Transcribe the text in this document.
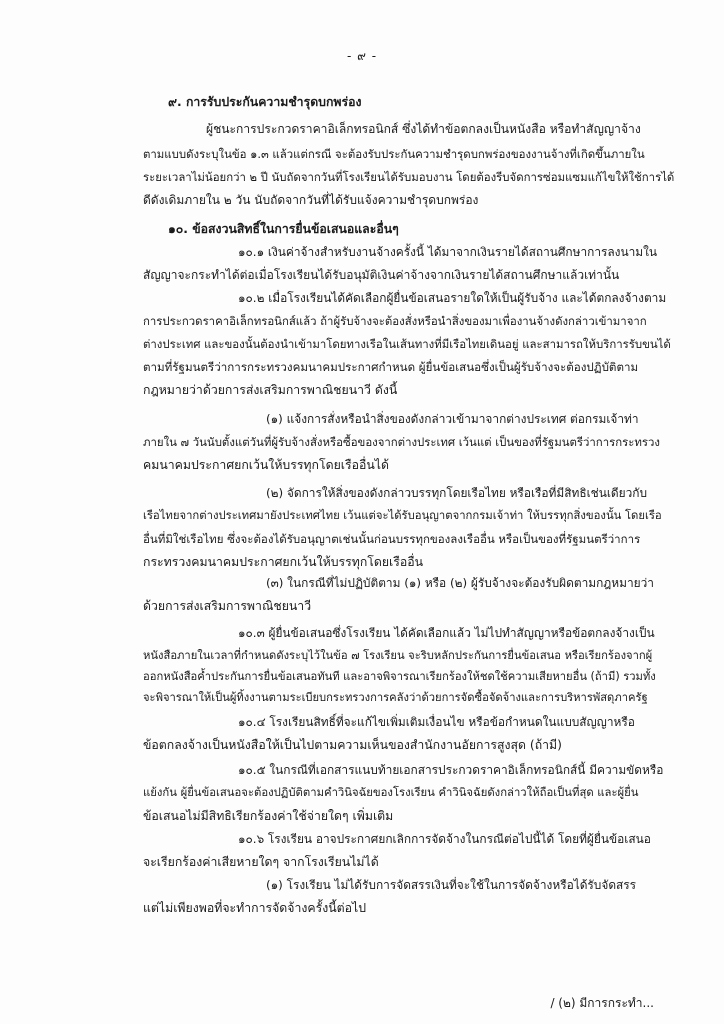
- ๙ -
๙. การรับประกันความชำรุดบกพร่อง
ผู้ชนะการประกวดราคาอิเล็กทรอนิกส์ ซึ่งได้ทำข้อตกลงเป็นหนังสือ หรือทำสัญญาจ้าง
ตามแบบดังระบุในข้อ ๑.๓ แล้วแต่กรณี จะต้องรับประกันความชำรุดบกพร่องของงานจ้างที่เกิดขึ้นภายใน
ระยะเวลาไม่น้อยกว่า ๒ ปี นับถัดจากวันที่โรงเรียนได้รับมอบงาน โดยต้องรีบจัดการซ่อมแซมแก้ไขให้ใช้การได้
ดีดังเดิมภายใน ๒ วัน นับถัดจากวันที่ได้รับแจ้งความชำรุดบกพร่อง
๑๐. ข้อสงวนสิทธิ์ในการยื่นข้อเสนอและอื่นๆ
๑๐.๑ เงินค่าจ้างสำหรับงานจ้างครั้งนี้ ได้มาจากเงินรายได้สถานศึกษาการลงนามใน
สัญญาจะกระทำได้ต่อเมื่อโรงเรียนได้รับอนุมัติเงินค่าจ้างจากเงินรายได้สถานศึกษาแล้วเท่านั้น
๑๐.๒ เมื่อโรงเรียนได้คัดเลือกผู้ยื่นข้อเสนอรายใดให้เป็นผู้รับจ้าง และได้ตกลงจ้างตาม
การประกวดราคาอิเล็กทรอนิกส์แล้ว ถ้าผู้รับจ้างจะต้องสั่งหรือนำสิ่งของมาเพื่องานจ้างดังกล่าวเข้ามาจาก
ต่างประเทศ และของนั้นต้องนำเข้ามาโดยทางเรือในเส้นทางที่มีเรือไทยเดินอยู่ และสามารถให้บริการรับขนได้
ตามที่รัฐมนตรีว่าการกระทรวงคมนาคมประกาศกำหนด ผู้ยื่นข้อเสนอซึ่งเป็นผู้รับจ้างจะต้องปฏิบัติตาม
กฎหมายว่าด้วยการส่งเสริมการพาณิชยนาวี ดังนี้
(๑) แจ้งการสั่งหรือนำสิ่งของดังกล่าวเข้ามาจากต่างประเทศ ต่อกรมเจ้าท่า
ภายใน ๗ วันนับตั้งแต่วันที่ผู้รับจ้างสั่งหรือซื้อของจากต่างประเทศ เว้นแต่ เป็นของที่รัฐมนตรีว่าการกระทรวง
คมนาคมประกาศยกเว้นให้บรรทุกโดยเรืออื่นได้
(๒) จัดการให้สิ่งของดังกล่าวบรรทุกโดยเรือไทย หรือเรือที่มีสิทธิเช่นเดียวกับ
เรือไทยจากต่างประเทศมายังประเทศไทย เว้นแต่จะได้รับอนุญาตจากกรมเจ้าท่า ให้บรรทุกสิ่งของนั้น โดยเรือ
อื่นที่มิใช่เรือไทย ซึ่งจะต้องได้รับอนุญาตเช่นนั้นก่อนบรรทุกของลงเรืออื่น หรือเป็นของที่รัฐมนตรีว่าการ
กระทรวงคมนาคมประกาศยกเว้นให้บรรทุกโดยเรืออื่น
(๓) ในกรณีที่ไม่ปฏิบัติตาม (๑) หรือ (๒) ผู้รับจ้างจะต้องรับผิดตามกฎหมายว่า
ด้วยการส่งเสริมการพาณิชยนาวี
๑๐.๓ ผู้ยื่นข้อเสนอซึ่งโรงเรียน ได้คัดเลือกแล้ว ไม่ไปทำสัญญาหรือข้อตกลงจ้างเป็น
หนังสือภายในเวลาที่กำหนดดังระบุไว้ในข้อ ๗ โรงเรียน จะริบหลักประกันการยื่นข้อเสนอ หรือเรียกร้องจากผู้
ออกหนังสือค้ำประกันการยื่นข้อเสนอทันที และอาจพิจารณาเรียกร้องให้ชดใช้ความเสียหายอื่น (ถ้ามี) รวมทั้ง
จะพิจารณาให้เป็นผู้ทิ้งงานตามระเบียบกระทรวงการคลังว่าด้วยการจัดซื้อจัดจ้างและการบริหารพัสดุภาครัฐ
๑๐.๔ โรงเรียนสิทธิ์ที่จะแก้ไขเพิ่มเติมเงื่อนไข หรือข้อกำหนดในแบบสัญญาหรือ
ข้อตกลงจ้างเป็นหนังสือให้เป็นไปตามความเห็นของสำนักงานอัยการสูงสุด (ถ้ามี)
๑๐.๕ ในกรณีที่เอกสารแนบท้ายเอกสารประกวดราคาอิเล็กทรอนิกส์นี้ มีความขัดหรือ
แย้งกัน ผู้ยื่นข้อเสนอจะต้องปฏิบัติตามคำวินิจฉัยของโรงเรียน คำวินิจฉัยดังกล่าวให้ถือเป็นที่สุด และผู้ยื่น
ข้อเสนอไม่มีสิทธิเรียกร้องค่าใช้จ่ายใดๆ เพิ่มเติม
๑๐.๖ โรงเรียน อาจประกาศยกเลิกการจัดจ้างในกรณีต่อไปนี้ได้ โดยที่ผู้ยื่นข้อเสนอ
จะเรียกร้องค่าเสียหายใดๆ จากโรงเรียนไม่ได้
(๑) โรงเรียน ไม่ได้รับการจัดสรรเงินที่จะใช้ในการจัดจ้างหรือได้รับจัดสรร
แต่ไม่เพียงพอที่จะทำการจัดจ้างครั้งนี้ต่อไป
/ (๒) มีการกระทำ...
